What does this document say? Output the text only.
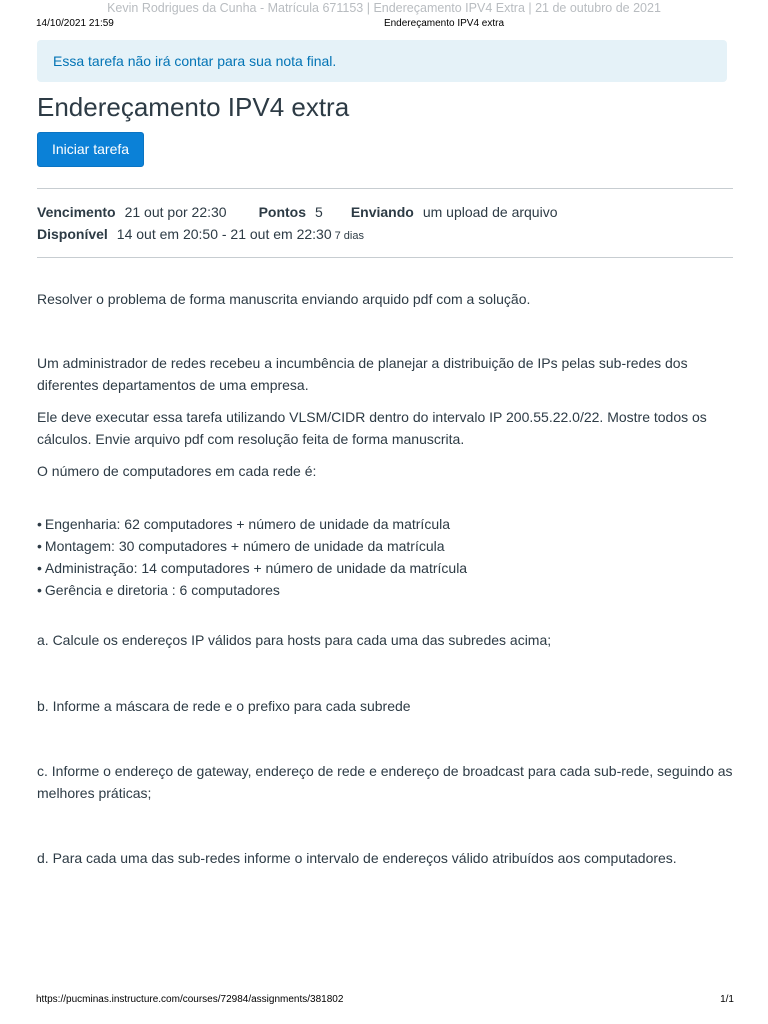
Kevin Rodrigues da Cunha - Matrícula 671153 | Endereçamento IPV4 Extra | 21 de outubro de 2021
14/10/2021 21:59	Endereçamento IPV4 extra
Essa tarefa não irá contar para sua nota final.
Endereçamento IPV4 extra
Iniciar tarefa
Vencimento 21 out por 22:30 Pontos 5 Enviando um upload de arquivo
Disponível 14 out em 20:50 - 21 out em 22:30 7 dias

Resolver o problema de forma manuscrita enviando arquido pdf com a solução.

Um administrador de redes recebeu a incumbência de planejar a distribuição de IPs pelas sub-redes dos diferentes departamentos de uma empresa.

Ele deve executar essa tarefa utilizando VLSM/CIDR dentro do intervalo IP 200.55.22.0/22. Mostre todos os cálculos. Envie arquivo pdf com resolução feita de forma manuscrita.

O número de computadores em cada rede é:

• Engenharia: 62 computadores + número de unidade da matrícula
• Montagem: 30 computadores + número de unidade da matrícula
• Administração: 14 computadores + número de unidade da matrícula
• Gerência e diretoria : 6 computadores

a. Calcule os endereços IP válidos para hosts para cada uma das subredes acima;

b. Informe a máscara de rede e o prefixo para cada subrede

c. Informe o endereço de gateway, endereço de rede e endereço de broadcast para cada sub-rede, seguindo as melhores práticas;

d. Para cada uma das sub-redes informe o intervalo de endereços válido atribuídos aos computadores.

https://pucminas.instructure.com/courses/72984/assignments/381802	1/1
